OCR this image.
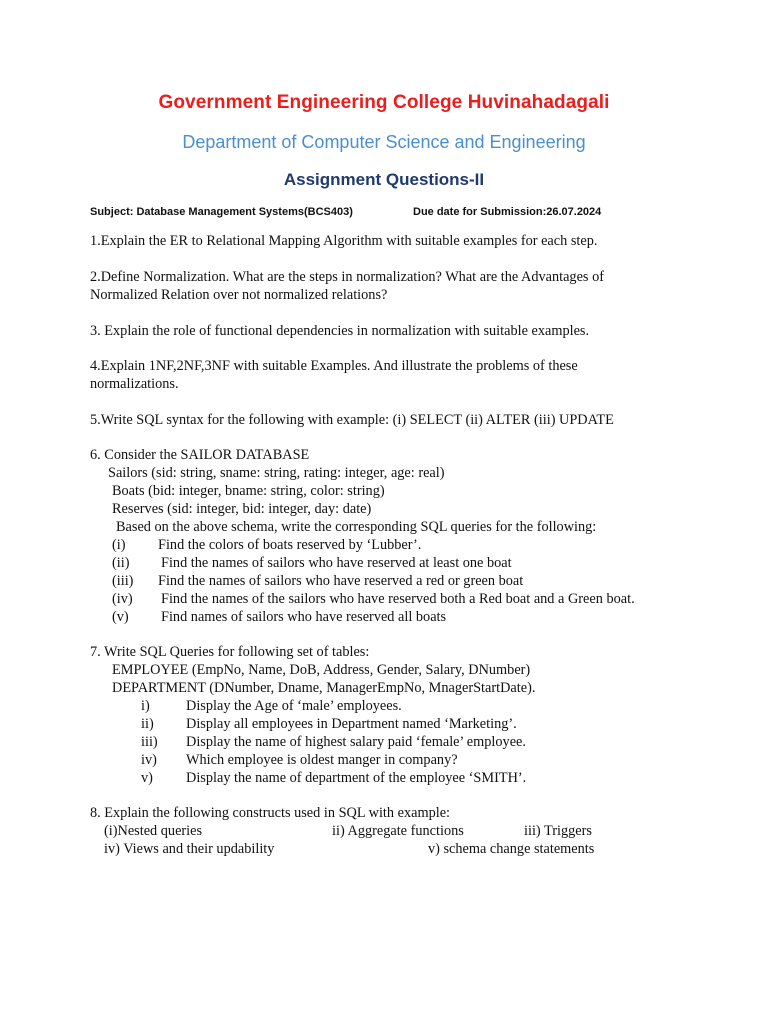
Government Engineering College Huvinahadagali
Department of Computer Science and Engineering
Assignment Questions-II
Subject: Database Management Systems(BCS403)	Due date for Submission:26.07.2024
1.Explain the ER to Relational Mapping Algorithm with suitable examples for each step.
2.Define Normalization. What are the steps in normalization? What are the Advantages of
Normalized Relation over not normalized relations?
3. Explain the role of functional dependencies in normalization with suitable examples.
4.Explain 1NF,2NF,3NF with suitable Examples. And illustrate the problems of these
normalizations.
5.Write SQL syntax for the following with example: (i) SELECT (ii) ALTER (iii) UPDATE
6. Consider the SAILOR DATABASE
Sailors (sid: string, sname: string, rating: integer, age: real)
Boats (bid: integer, bname: string, color: string)
Reserves (sid: integer, bid: integer, day: date)
Based on the above schema, write the corresponding SQL queries for the following:
(i) Find the colors of boats reserved by ‘Lubber’.
(ii) Find the names of sailors who have reserved at least one boat
(iii) Find the names of sailors who have reserved a red or green boat
(iv) Find the names of the sailors who have reserved both a Red boat and a Green boat.
(v) Find names of sailors who have reserved all boats
7. Write SQL Queries for following set of tables:
EMPLOYEE (EmpNo, Name, DoB, Address, Gender, Salary, DNumber)
DEPARTMENT (DNumber, Dname, ManagerEmpNo, MnagerStartDate).
i)	Display the Age of ‘male’ employees.
ii) Display all employees in Department named ‘Marketing’.
iii) Display the name of highest salary paid ‘female’ employee.
iv) Which employee is oldest manger in company?
v) Display the name of department of the employee ‘SMITH’.
8. Explain the following constructs used in SQL with example:
(i)Nested queries	ii) Aggregate functions	iii) Triggers
iv) Views and their updability	v) schema change statements
